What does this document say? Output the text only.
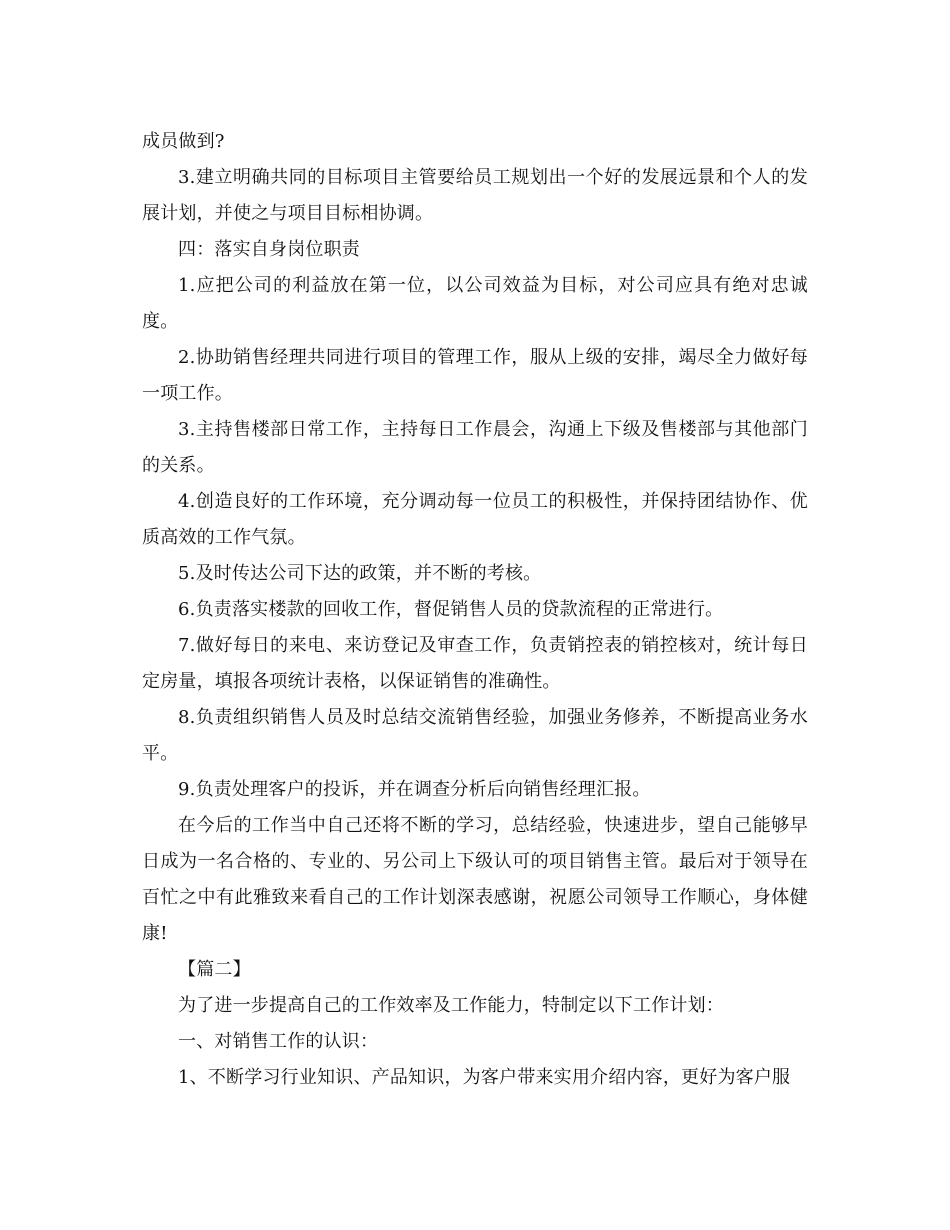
成员做到?

3.建立明确共同的目标项目主管要给员工规划出一个好的发展远景和个人的发展计划，并使之与项目目标相协调。

四：落实自身岗位职责

1.应把公司的利益放在第一位，以公司效益为目标，对公司应具有绝对忠诚度。

2.协助销售经理共同进行项目的管理工作，服从上级的安排，竭尽全力做好每一项工作。

3.主持售楼部日常工作，主持每日工作晨会，沟通上下级及售楼部与其他部门的关系。

4.创造良好的工作环境，充分调动每一位员工的积极性，并保持团结协作、优质高效的工作气氛。

5.及时传达公司下达的政策，并不断的考核。

6.负责落实楼款的回收工作，督促销售人员的贷款流程的正常进行。

7.做好每日的来电、来访登记及审查工作，负责销控表的销控核对，统计每日定房量，填报各项统计表格，以保证销售的准确性。

8.负责组织销售人员及时总结交流销售经验，加强业务修养，不断提高业务水平。

9.负责处理客户的投诉，并在调查分析后向销售经理汇报。

在今后的工作当中自己还将不断的学习，总结经验，快速进步，望自己能够早日成为一名合格的、专业的、另公司上下级认可的项目销售主管。最后对于领导在百忙之中有此雅致来看自己的工作计划深表感谢，祝愿公司领导工作顺心，身体健康!

【篇二】

为了进一步提高自己的工作效率及工作能力，特制定以下工作计划：

一、对销售工作的认识：

1、不断学习行业知识、产品知识，为客户带来实用介绍内容，更好为客户服
